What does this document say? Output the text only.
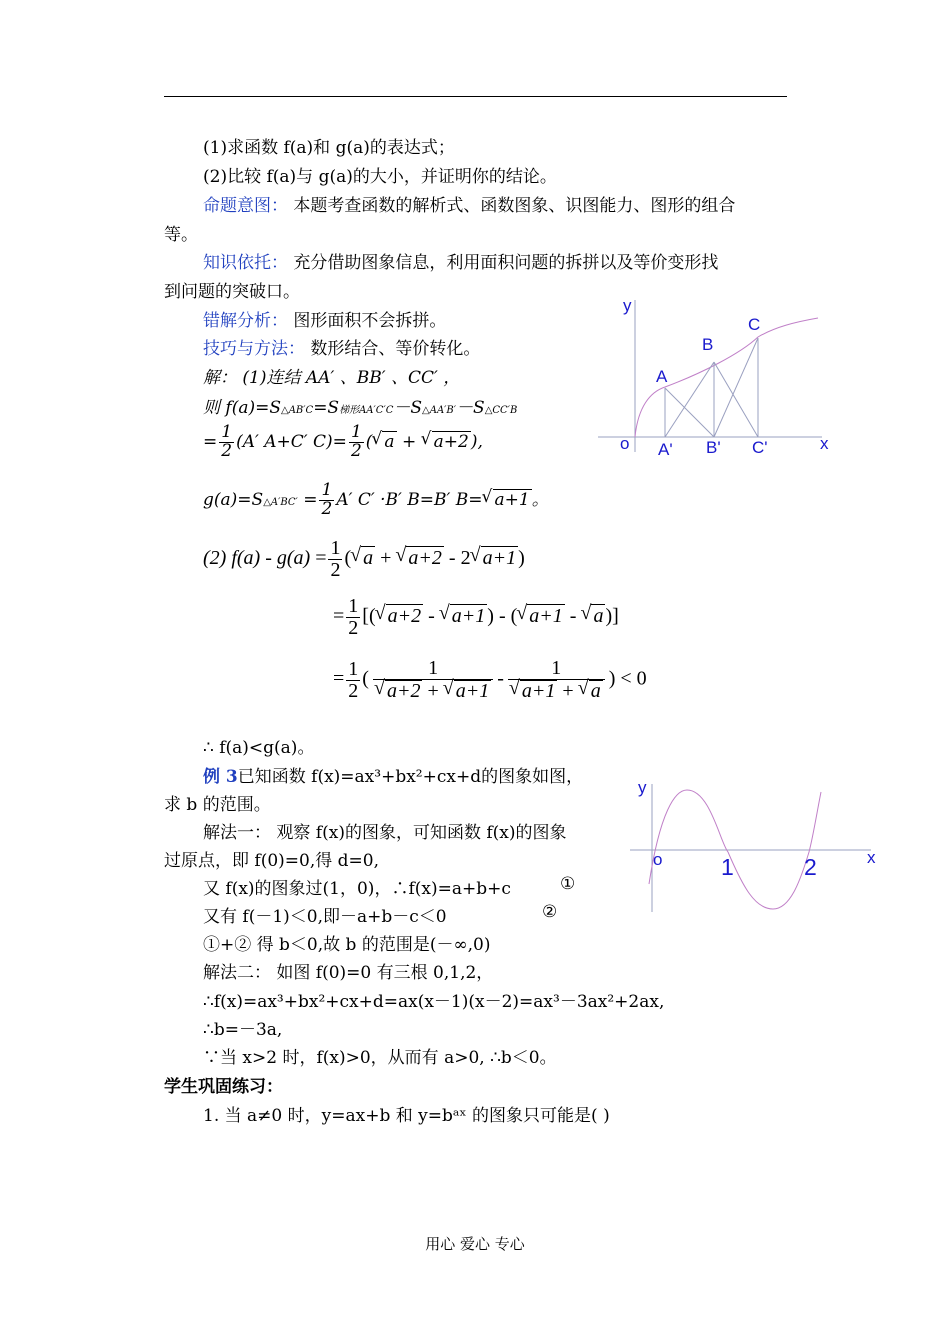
(1)求函数 f(a)和 g(a)的表达式；
(2)比较 f(a)与 g(a)的大小，并证明你的结论。
命题意图： 本题考查函数的解析式、函数图象、识图能力、图形的组合
等。
知识依托： 充分借助图象信息，利用面积问题的拆拼以及等价变形找
到问题的突破口。
错解分析： 图形面积不会拆拼。
技巧与方法： 数形结合、等价转化。
解： (1)连结 AA′ 、BB′ 、CC′ ，
则 f(a)=S△AB′C=S梯形AA′C′C－S△AA′B′－S△CC′B
= $\frac{1}{2} (A'$ A+C′ $C)= \frac{1}{2}$ ( √ a + √ a+2 ),
g(a)=S△A′BC′ = $\frac{1}{2} A'$ C′ ·B′ B=B′ B= √ a+1 。
(2) $f(a) - g(a) = \frac{1}{2}$ ( √ a + √ a+2 - 2 √ a+1 )
= $\frac{1}{2}$ [( √ a+2 - √ a+1 ) - ( √ a+1 - √ a )]
= $\frac{1}{2}$ ( 1
√ a+2 + √ a+1 - 1
√ a+1 + √ a ) < 0
∴ f(a)<g(a)。
例 3已知函数 f(x)=ax³+bx²+cx+d的图象如图，
求 b 的范围。
解法一： 观察 f(x)的图象，可知函数 f(x)的图象
过原点，即 f(0)=0,得 d=0,
又 f(x)的图象过(1，0)，∴f(x)=a+b+c	①
又有 f(－1)＜0,即－a+b－c＜0	②
①+② 得 b＜0,故 b 的范围是(－∞,0)
解法二： 如图 f(0)=0 有三根 0,1,2，
∴f(x)=ax³+bx²+cx+d=ax(x－1)(x－2)=ax³－3ax²+2ax,
∴b=－3a,
∵当 x>2 时，f(x)>0，从而有 a>0, ∴b＜0。
学生巩固练习：
1. 当 a≠0 时，y=ax+b 和 y=bᵃˣ 的图象只可能是( )
y
x
o
A
B
C
A' B' C'
y
x
o	1	2
用心 爱心 专心
